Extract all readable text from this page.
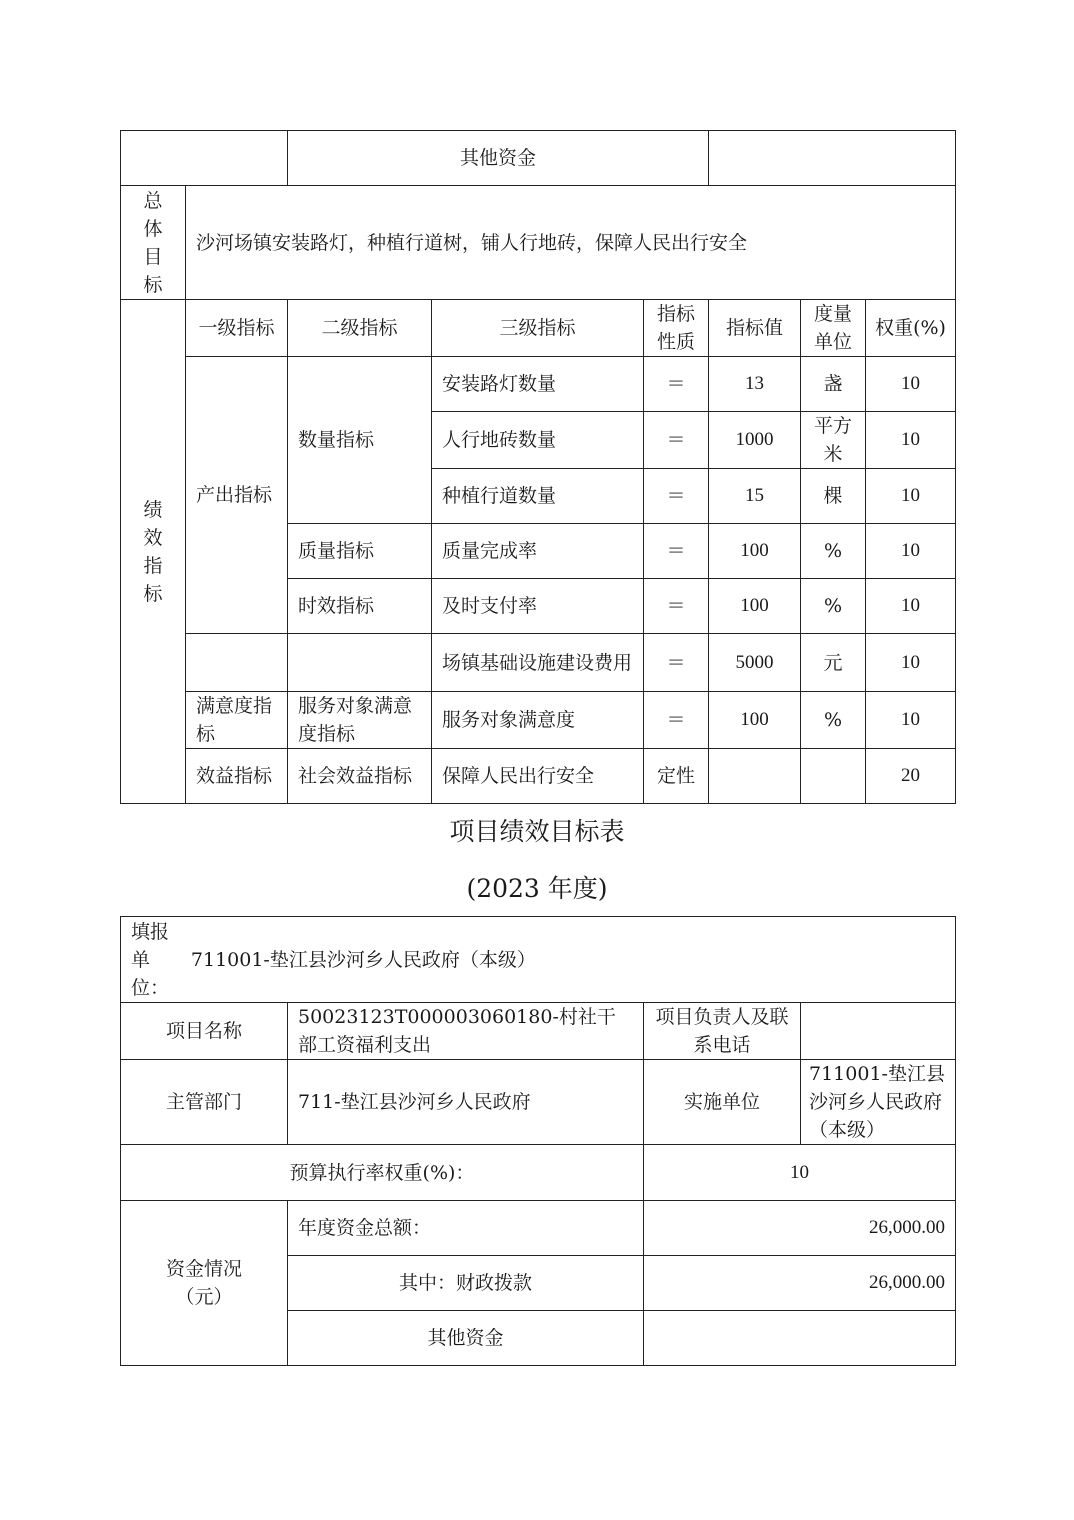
		其他资金					

总体目标	沙河场镇安装路灯，种植行道树，铺人行地砖，保障人民出行安全						

绩效指标	一级指标	二级指标	三级指标	指标性质	指标值	度量单位	权重(%)
	产出指标	数量指标	安装路灯数量	＝	13	盏	10
			人行地砖数量	＝	1000	平方米	10
			种植行道数量	＝	15	棵	10
		质量指标	质量完成率	＝	100	%	10
		时效指标	及时支付率	＝	100	%	10
			场镇基础设施建设费用	＝	5000	元	10
	满意度指标	服务对象满意度指标	服务对象满意度	＝	100	%	10
	效益指标	社会效益指标	保障人民出行安全	定性			20
项目绩效目标表
(2023 年度)
填报单位：
711001-垫江县沙河乡人民政府（本级）			

项目名称	50023123T000003060180-村社干部工资福利支出	项目负责人及联系电话	
主管部门	711-垫江县沙河乡人民政府	实施单位	711001-垫江县沙河乡人民政府（本级）
预算执行率权重(%)：		10	

资金情况（元）	年度资金总额：	26,000.00	
	其中：财政拨款	26,000.00	
	其他资金		
